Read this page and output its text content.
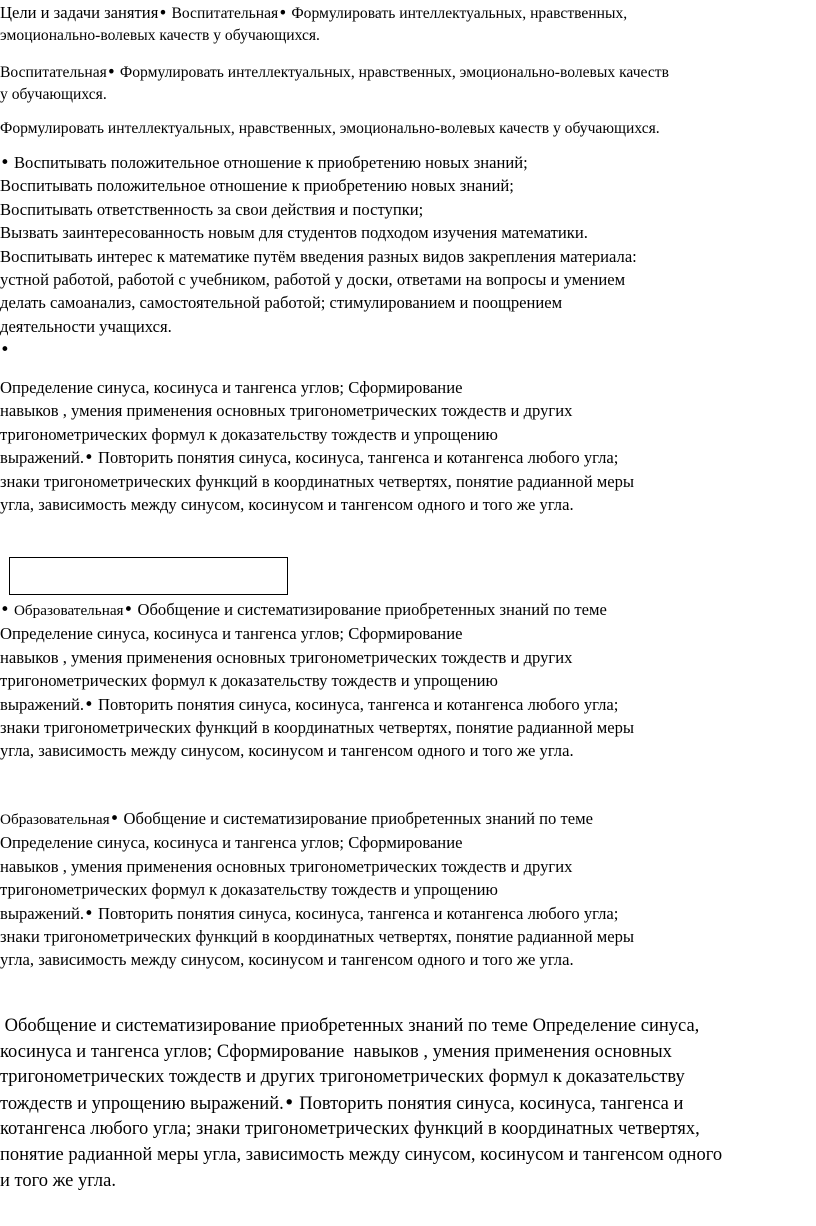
Цели и задачи занятия• Воспитательная• Формулировать интеллектуальных, нравственных,
эмоционально-волевых качеств у обучающихся.
Воспитательная• Формулировать интеллектуальных, нравственных, эмоционально-волевых качеств
у обучающихся.
Формулировать интеллектуальных, нравственных, эмоционально-волевых качеств у обучающихся.
• Воспитывать положительное отношение к приобретению новых знаний;
Воспитывать положительное отношение к приобретению новых знаний;
Воспитывать ответственность за свои действия и поступки;
Вызвать заинтересованность новым для студентов подходом изучения математики.
Воспитывать интерес к математике путём введения разных видов закрепления материала:
устной работой, работой с учебником, работой у доски, ответами на вопросы и умением
делать самоанализ, самостоятельной работой; стимулированием и поощрением
деятельности учащихся.
•
Определение синуса, косинуса и тангенса углов; Сформирование
навыков , умения применения основных тригонометрических тождеств и других
тригонометрических формул к доказательству тождеств и упрощению
выражений.• Повторить понятия синуса, косинуса, тангенса и котангенса любого угла;
знаки тригонометрических функций в координатных четвертях, понятие радианной меры
угла, зависимость между синусом, косинусом и тангенсом одного и того же угла.
• Образовательная• Обобщение и систематизирование приобретенных знаний по теме
Определение синуса, косинуса и тангенса углов; Сформирование
навыков , умения применения основных тригонометрических тождеств и других
тригонометрических формул к доказательству тождеств и упрощению
выражений.• Повторить понятия синуса, косинуса, тангенса и котангенса любого угла;
знаки тригонометрических функций в координатных четвертях, понятие радианной меры
угла, зависимость между синусом, косинусом и тангенсом одного и того же угла.
Образовательная• Обобщение и систематизирование приобретенных знаний по теме
Определение синуса, косинуса и тангенса углов; Сформирование
навыков , умения применения основных тригонометрических тождеств и других
тригонометрических формул к доказательству тождеств и упрощению
выражений.• Повторить понятия синуса, косинуса, тангенса и котангенса любого угла;
знаки тригонометрических функций в координатных четвертях, понятие радианной меры
угла, зависимость между синусом, косинусом и тангенсом одного и того же угла.
Обобщение и систематизирование приобретенных знаний по теме Определение синуса,
косинуса и тангенса углов; Сформирование  навыков , умения применения основных
тригонометрических тождеств и других тригонометрических формул к доказательству
тождеств и упрощению выражений.• Повторить понятия синуса, косинуса, тангенса и
котангенса любого угла; знаки тригонометрических функций в координатных четвертях,
понятие радианной меры угла, зависимость между синусом, косинусом и тангенсом одного
и того же угла.
